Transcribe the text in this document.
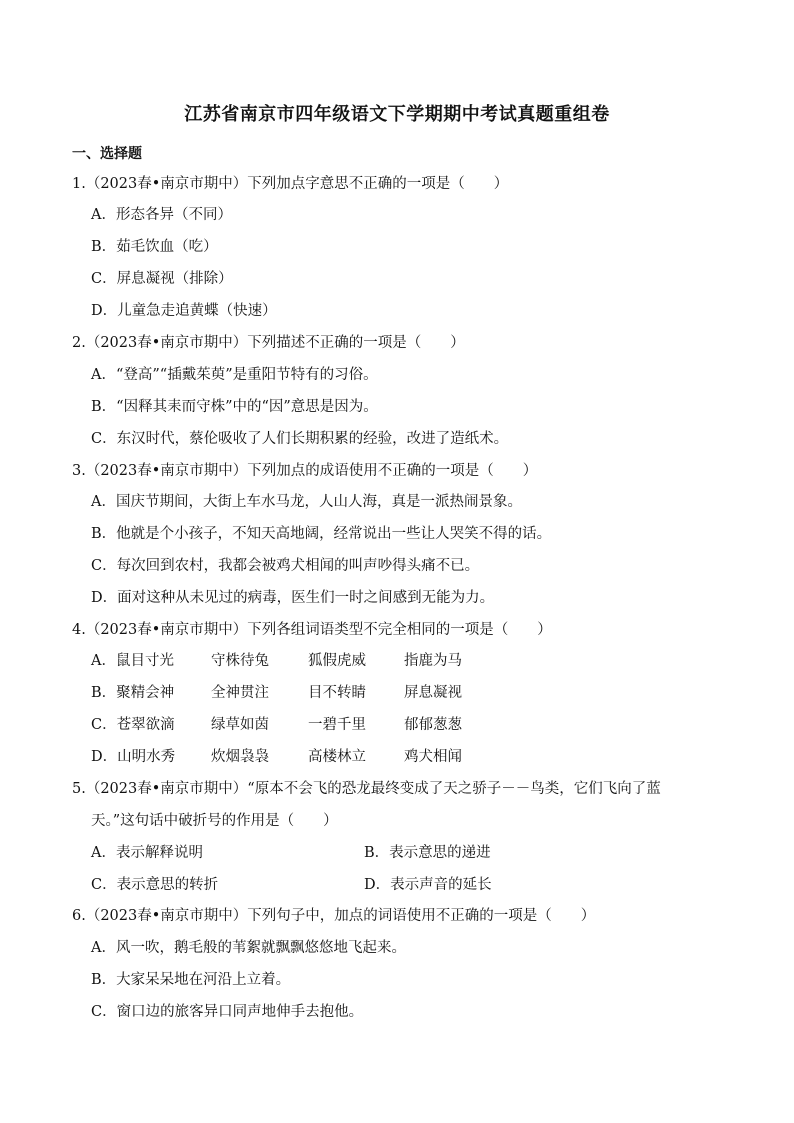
江苏省南京市四年级语文下学期期中考试真题重组卷
一、选择题
1.（2023春•南京市期中）下列加点字意思不正确的一项是（　　）
A．形态各异（不同）
B．茹毛饮血（吃）
C．屏息凝视（排除）
D．儿童急走追黄蝶（快速）
2.（2023春•南京市期中）下列描述不正确的一项是（　　）
A．“登高”“插戴茱萸”是重阳节特有的习俗。
B．“因释其耒而守株”中的“因”意思是因为。
C．东汉时代，蔡伦吸收了人们长期积累的经验，改进了造纸术。
3.（2023春•南京市期中）下列加点的成语使用不正确的一项是（　　）
A．国庆节期间，大街上车水马龙，人山人海，真是一派热闹景象。
B．他就是个小孩子，不知天高地阔，经常说出一些让人哭笑不得的话。
C．每次回到农村，我都会被鸡犬相闻的叫声吵得头痛不已。
D．面对这种从未见过的病毒，医生们一时之间感到无能为力。
4.（2023春•南京市期中）下列各组词语类型不完全相同的一项是（　　）
A．鼠目寸光	守株待兔	狐假虎威	指鹿为马
B．聚精会神	全神贯注	目不转睛	屏息凝视
C．苍翠欲滴	绿草如茵	一碧千里	郁郁葱葱
D．山明水秀 炊烟袅袅	高楼林立	鸡犬相闻
5.（2023春•南京市期中）“原本不会飞的恐龙最终变成了天之骄子－－鸟类，它们飞向了蓝
天。”这句话中破折号的作用是（　　）
A．表示解释说明	B．表示意思的递进
C．表示意思的转折	D．表示声音的延长
6.（2023春•南京市期中）下列句子中，加点的词语使用不正确的一项是（　　）
A．风一吹，鹅毛般的苇絮就飘飘悠悠地飞起来。
B．大家呆呆地在河沿上立着。
C．窗口边的旅客异口同声地伸手去抱他。
